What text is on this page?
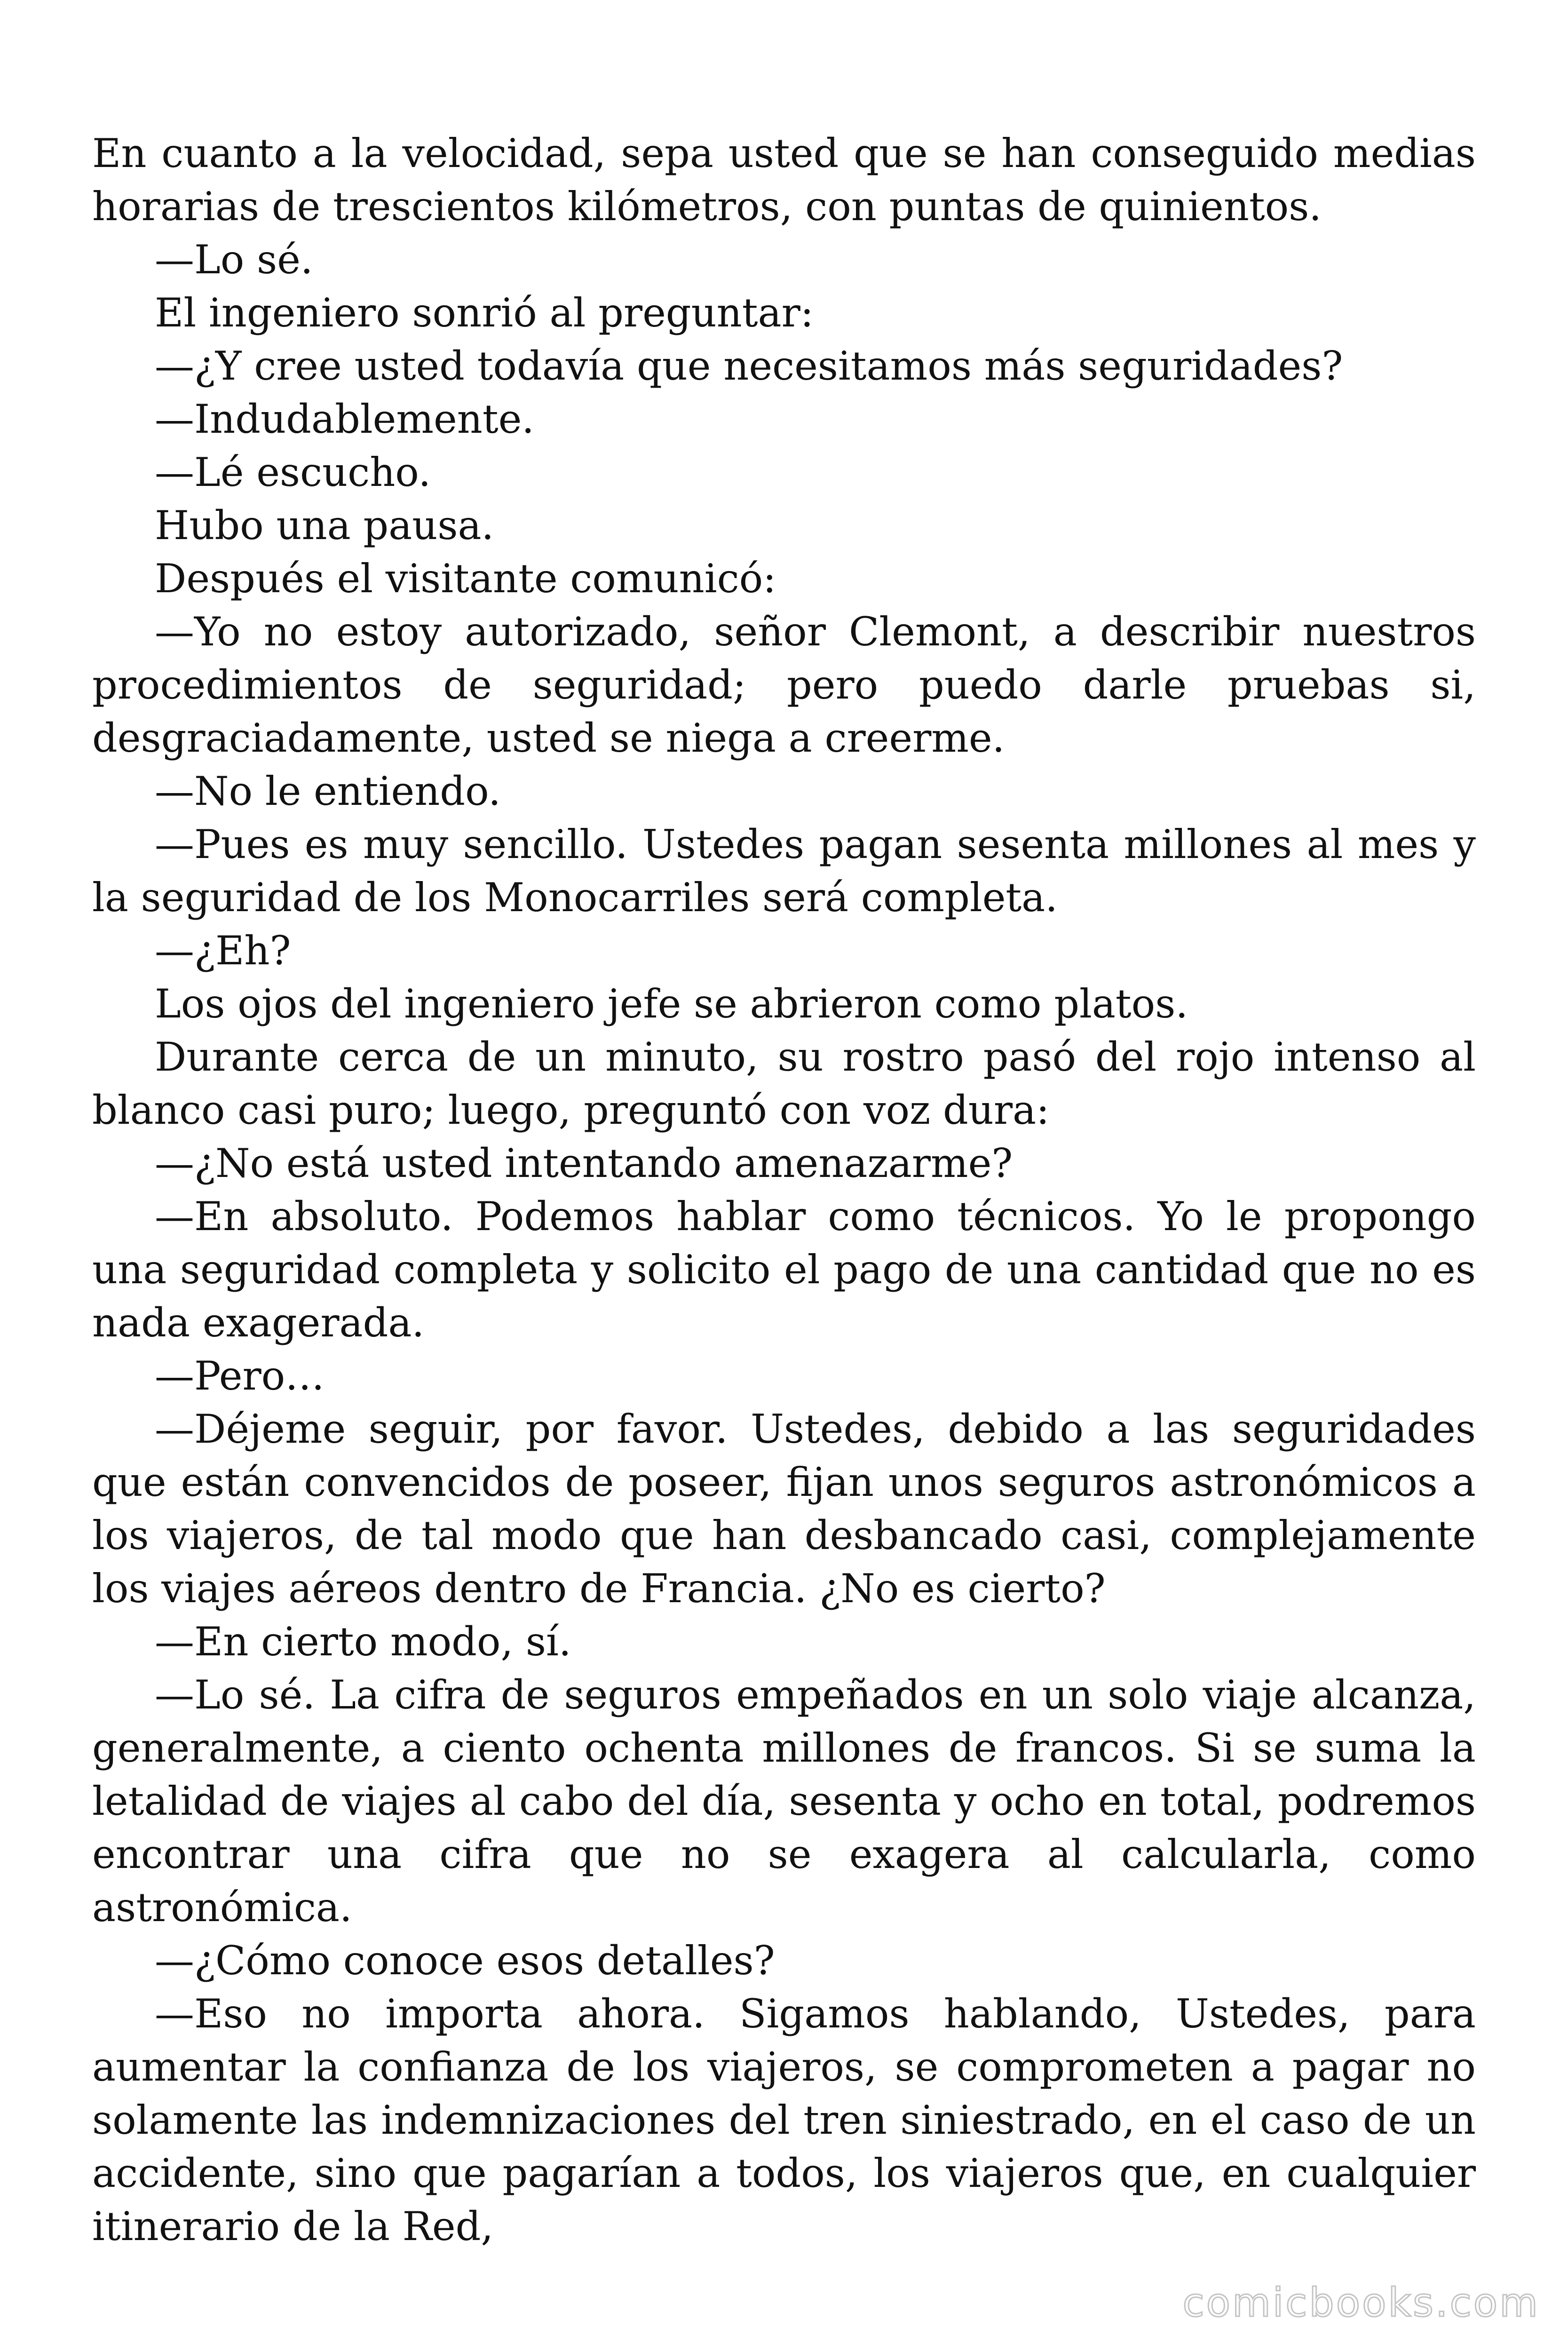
En cuanto a la velocidad, sepa usted que se han conseguido medias horarias de trescientos kilómetros, con puntas de quinientos.

—Lo sé.

El ingeniero sonrió al preguntar:

—¿Y cree usted todavía que necesitamos más seguridades?

—Indudablemente.

—Lé escucho.

Hubo una pausa.

Después el visitante comunicó:

—Yo no estoy autorizado, señor Clemont, a describir nuestros procedimientos de seguridad; pero puedo darle pruebas si, desgraciadamente, usted se niega a creerme.

—No le entiendo.

—Pues es muy sencillo. Ustedes pagan sesenta millones al mes y la seguridad de los Monocarriles será completa.

—¿Eh?

Los ojos del ingeniero jefe se abrieron como platos.

Durante cerca de un minuto, su rostro pasó del rojo intenso al blanco casi puro; luego, preguntó con voz dura:

—¿No está usted intentando amenazarme?

—En absoluto. Podemos hablar como técnicos. Yo le propongo una seguridad completa y solicito el pago de una cantidad que no es nada exagerada.

—Pero…

—Déjeme seguir, por favor. Ustedes, debido a las seguridades que están convencidos de poseer, fijan unos seguros astronómicos a los viajeros, de tal modo que han desbancado casi, complejamente los viajes aéreos dentro de Francia. ¿No es cierto?

—En cierto modo, sí.

—Lo sé. La cifra de seguros empeñados en un solo viaje alcanza, generalmente, a ciento ochenta millones de francos. Si se suma la letalidad de viajes al cabo del día, sesenta y ocho en total, podremos encontrar una cifra que no se exagera al calcularla, como astronómica.

—¿Cómo conoce esos detalles?

—Eso no importa ahora. Sigamos hablando, Ustedes, para aumentar la confianza de los viajeros, se comprometen a pagar no solamente las indemnizaciones del tren siniestrado, en el caso de un accidente, sino que pagarían a todos, los viajeros que, en cualquier itinerario de la Red,

comicbooks.com
